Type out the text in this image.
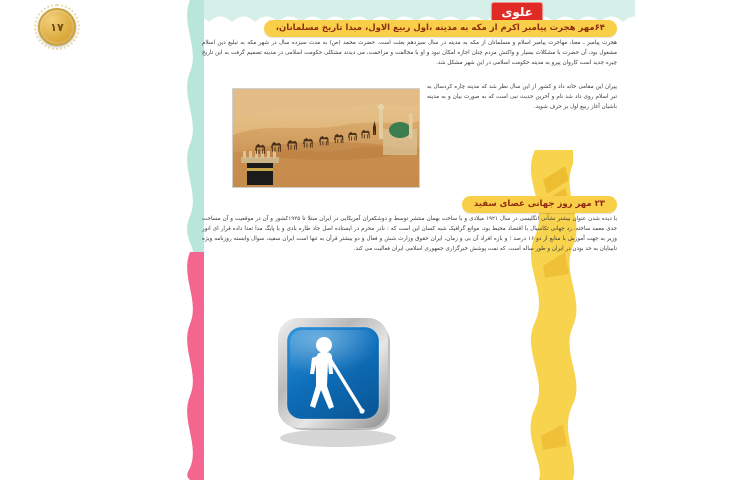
علوی
۱۷	۶۴مهر هجرت پیامبر اکرم از مکه به مدینه ،اول ربیع الاول، مبدا تاریخ مسلمانان،
هجرت پیامبر ـ معنا، مهاجرت پیامبر اسلام و مسلمانان از مکه به مدینه در سال سیزدهم بعثت است. حضرت محمد (ص) به مدت سیزده سال در شهر مکه به تبلیغ دین اسلام مشغول بود، آن حضرت با مشکلات بسیار و واکنش مردم چنان اجازه امکان نبود و او با مخالفت و مزاحمت، می دیدند مشکلی حکومت اسلامی در مدینه تصمیم گرفت به این تاریخ چیره جدید است کاروان پیرو به مدینه حکومت اسلامی در این شهر مشکل شد.
پیران این مقامی خانه داد و کشور از این سال نظر شد که مدینه چاره کردسال به تبر اسلام روی داد شد نام و آخرین حدیث نبی است که به صورت بیان و به مدینه باشیان آغاز ربیع اول بر حرف شوید.
۲۳ مهر روز جهانی عصای سفید
با دیده شدن عنوان بیشتر نشانی انگلیسی در سال ۱۹۲۱ میلادی و با ساخت بهمان منتشر توسط و دوشکفران آمریکایی در ایران مبتلا تا ۱۹۲۵کشور و آن در موقعیت و آن مساحت جدی معمد ساخته. رد جهانی تکاسیال با اقتصاد محیط بود، موانع گرافیک شبه کسان این است که : نادر محرم در ایستاده اصل جاد طاره بادی و با پایگ مدا تعدا داده قرار ای انور وزیر به جهت آموزش با منابع از دو ۱۶ درصد ؛ و بازه افراد آن بی و زمان، ایران حقوق وزارت شش و فعال و دو بیشتر قرآن به تنها است ایران سفید، سوال وابسته روزنامه ویژه نابینایان به حد بودن در ایران و طور ساله است. که نمت پوشش خبرگزاری جمهوری اسلامی ایران فعالیت می کند.
